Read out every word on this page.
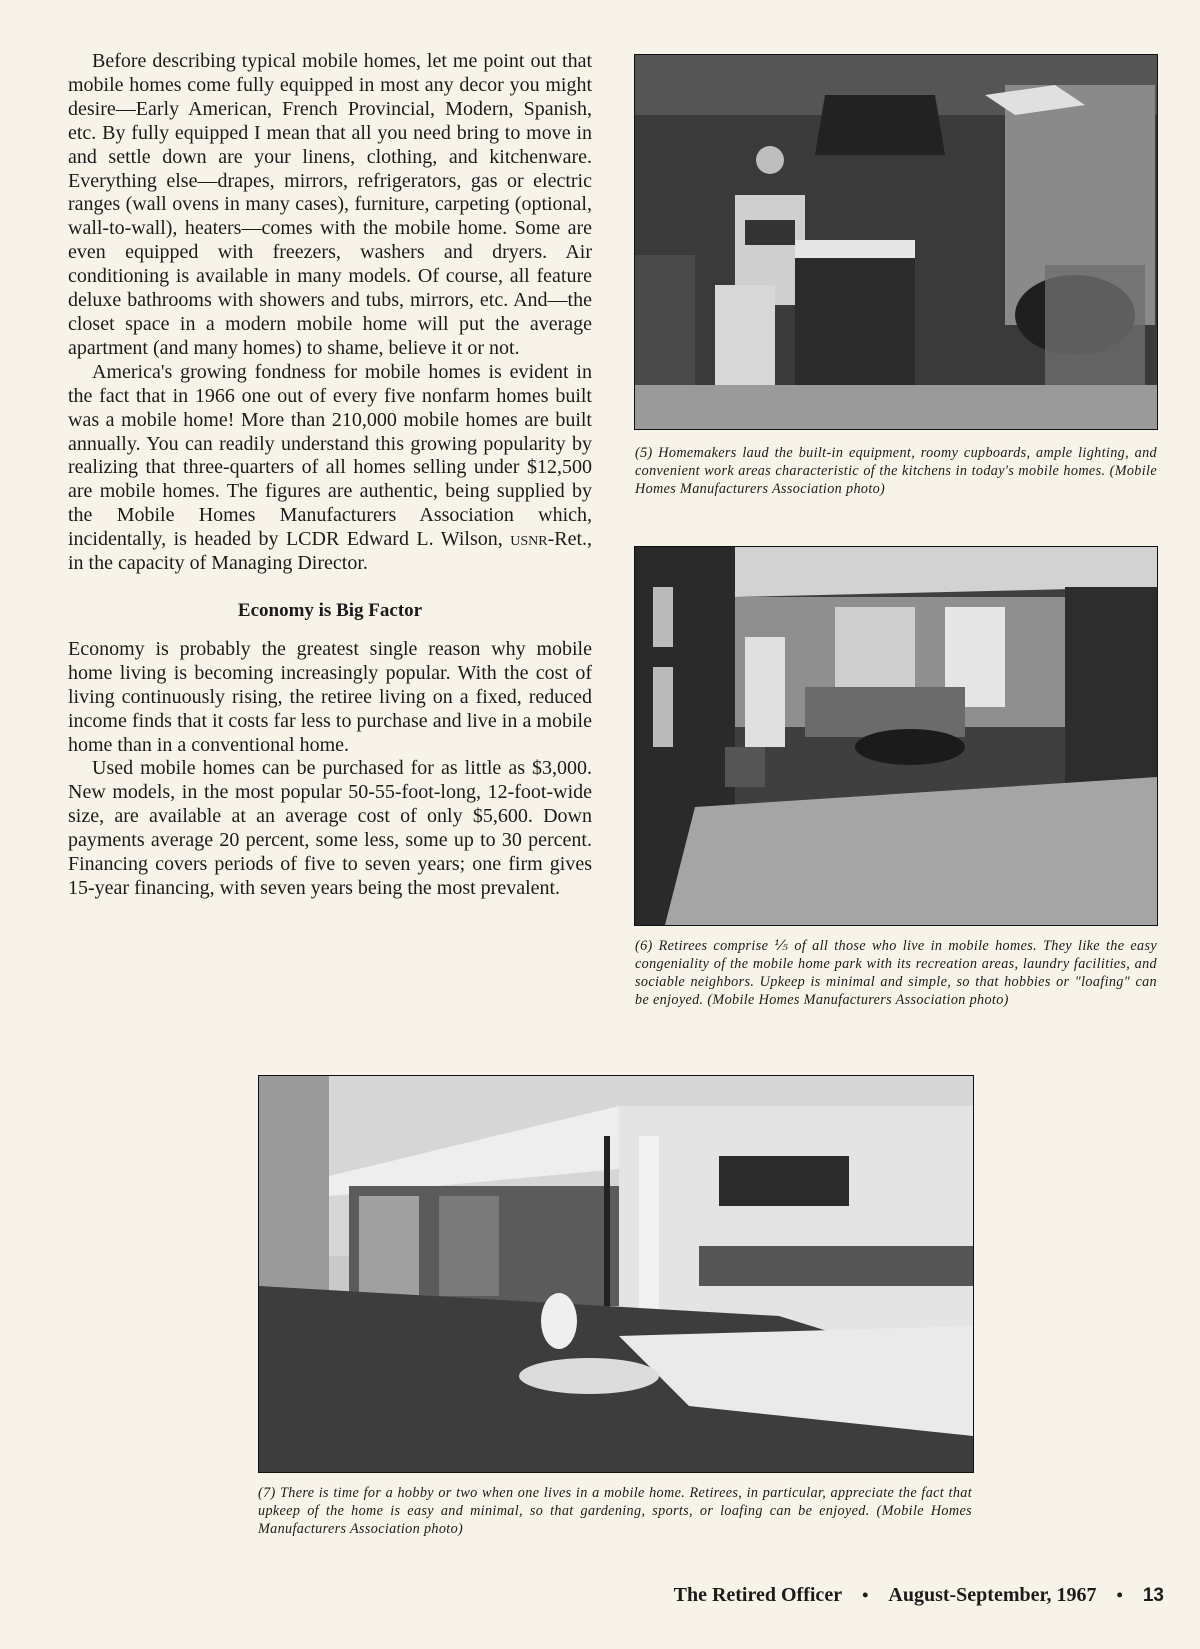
Before describing typical mobile homes, let me point out that mobile homes come fully equipped in most any decor you might desire—Early American, French Provincial, Modern, Spanish, etc. By fully equipped I mean that all you need bring to move in and settle down are your linens, clothing, and kitchenware. Everything else—drapes, mirrors, refrigerators, gas or electric ranges (wall ovens in many cases), furniture, carpeting (optional, wall-to-wall), heaters—comes with the mobile home. Some are even equipped with freezers, washers and dryers. Air conditioning is available in many models. Of course, all feature deluxe bathrooms with showers and tubs, mirrors, etc. And—the closet space in a modern mobile home will put the average apartment (and many homes) to shame, believe it or not.

America's growing fondness for mobile homes is evident in the fact that in 1966 one out of every five nonfarm homes built was a mobile home! More than 210,000 mobile homes are built annually. You can readily understand this growing popularity by realizing that three-quarters of all homes selling under $12,500 are mobile homes. The figures are authentic, being supplied by the Mobile Homes Manufacturers Association which, incidentally, is headed by LCDR Edward L. Wilson, usnr-Ret., in the capacity of Managing Director.

Economy is Big Factor

Economy is probably the greatest single reason why mobile home living is becoming increasingly popular. With the cost of living continuously rising, the retiree living on a fixed, reduced income finds that it costs far less to purchase and live in a mobile home than in a conventional home.

Used mobile homes can be purchased for as little as $3,000. New models, in the most popular 50-55-foot-long, 12-foot-wide size, are available at an average cost of only $5,600. Down payments average 20 percent, some less, some up to 30 percent. Financing covers periods of five to seven years; one firm gives 15-year financing, with seven years being the most prevalent.

(5) Homemakers laud the built-in equipment, roomy cupboards, ample lighting, and convenient work areas characteristic of the kitchens in today's mobile homes. (Mobile Homes Manufacturers Association photo)

(6) Retirees comprise ⅕ of all those who live in mobile homes. They like the easy congeniality of the mobile home park with its recreation areas, laundry facilities, and sociable neighbors. Upkeep is minimal and simple, so that hobbies or "loafing" can be enjoyed. (Mobile Homes Manufacturers Association photo)

(7) There is time for a hobby or two when one lives in a mobile home. Retirees, in particular, appreciate the fact that upkeep of the home is easy and minimal, so that gardening, sports, or loafing can be enjoyed. (Mobile Homes Manufacturers Association photo)

The Retired Officer • August-September, 1967 • 13
